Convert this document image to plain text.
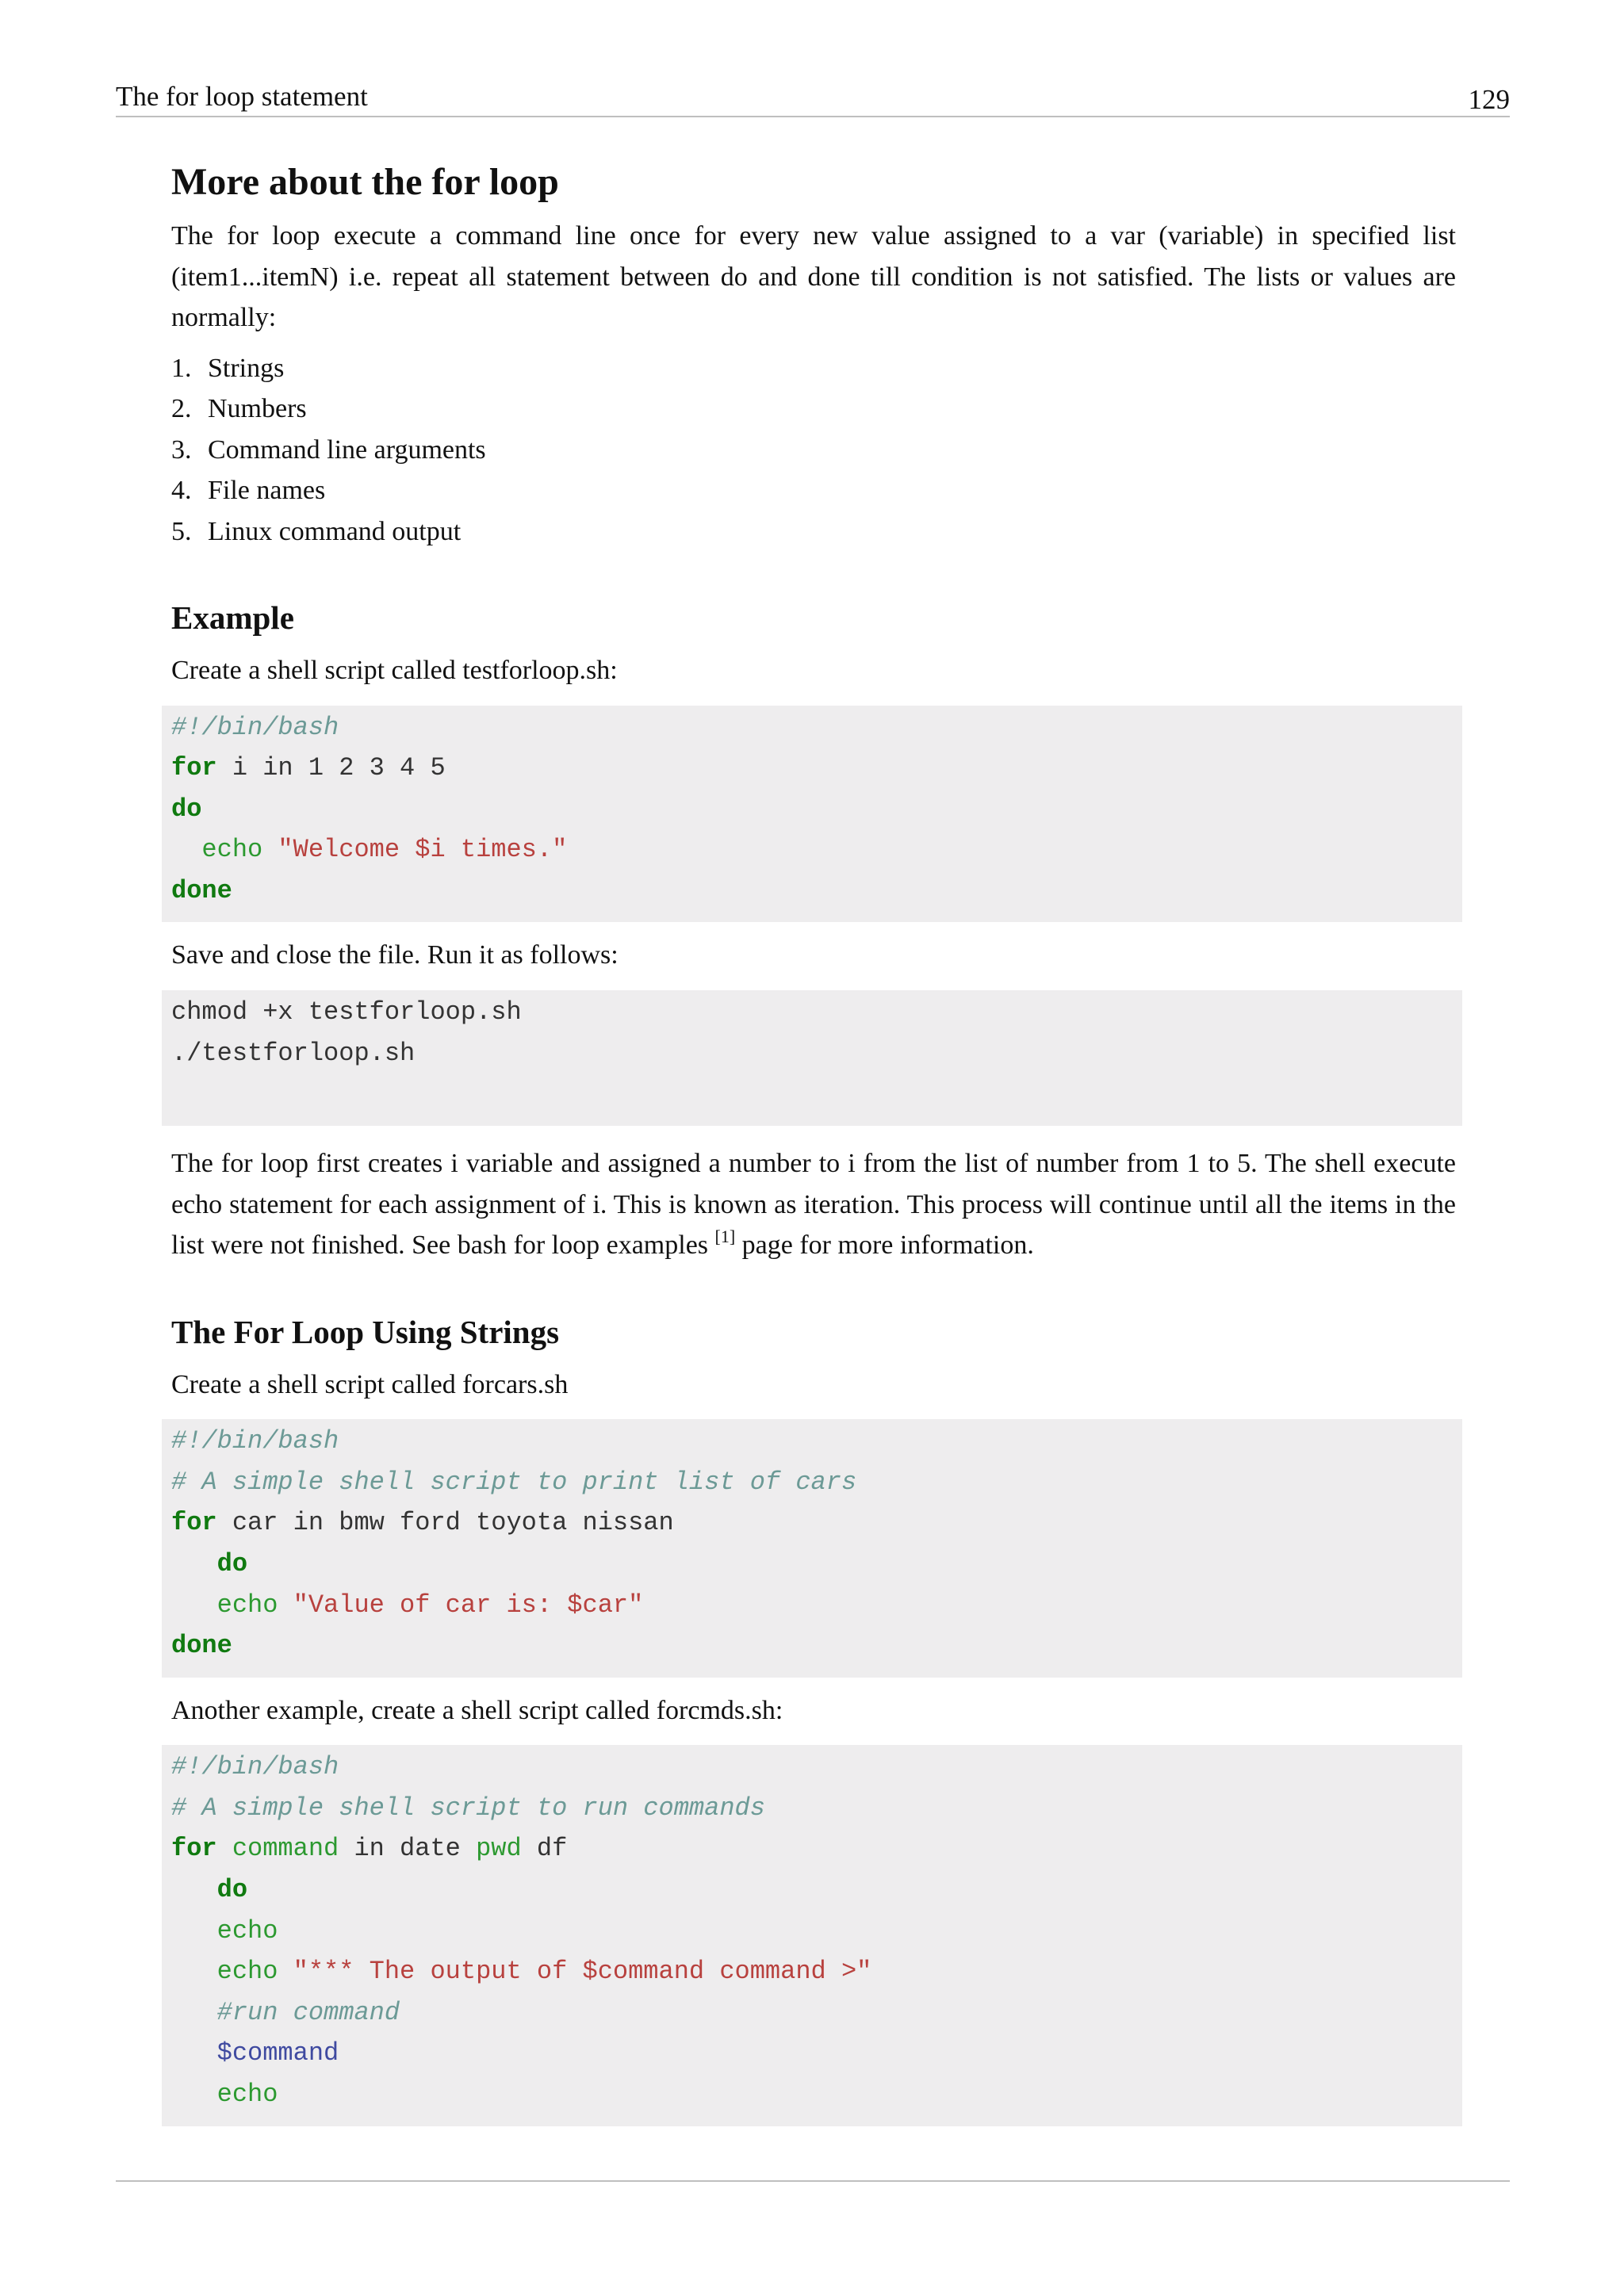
The for loop statement	129
More about the for loop

The for loop execute a command line once for every new value assigned to a var (variable) in specified list (item1...itemN) i.e. repeat all statement between do and done till condition is not satisfied. The lists or values are normally:

1. Strings
2. Numbers
3. Command line arguments
4. File names
5. Linux command output
Example

Create a shell script called testforloop.sh:

#!/bin/bash
for i in 1 2 3 4 5
do
echo "Welcome $i times."
done

Save and close the file. Run it as follows:

chmod +x testforloop.sh
./testforloop.sh

The for loop first creates i variable and assigned a number to i from the list of number from 1 to 5. The shell execute echo statement for each assignment of i. This is known as iteration. This process will continue until all the items in the list were not finished. See bash for loop examples [1] page for more information.

The For Loop Using Strings

Create a shell script called forcars.sh

#!/bin/bash
# A simple shell script to print list of cars
for car in bmw ford toyota nissan
do
echo "Value of car is: $car"
done

Another example, create a shell script called forcmds.sh:

#!/bin/bash
# A simple shell script to run commands
for command in date pwd df
do
echo
echo "*** The output of $command command >"
#run command
$command
echo
